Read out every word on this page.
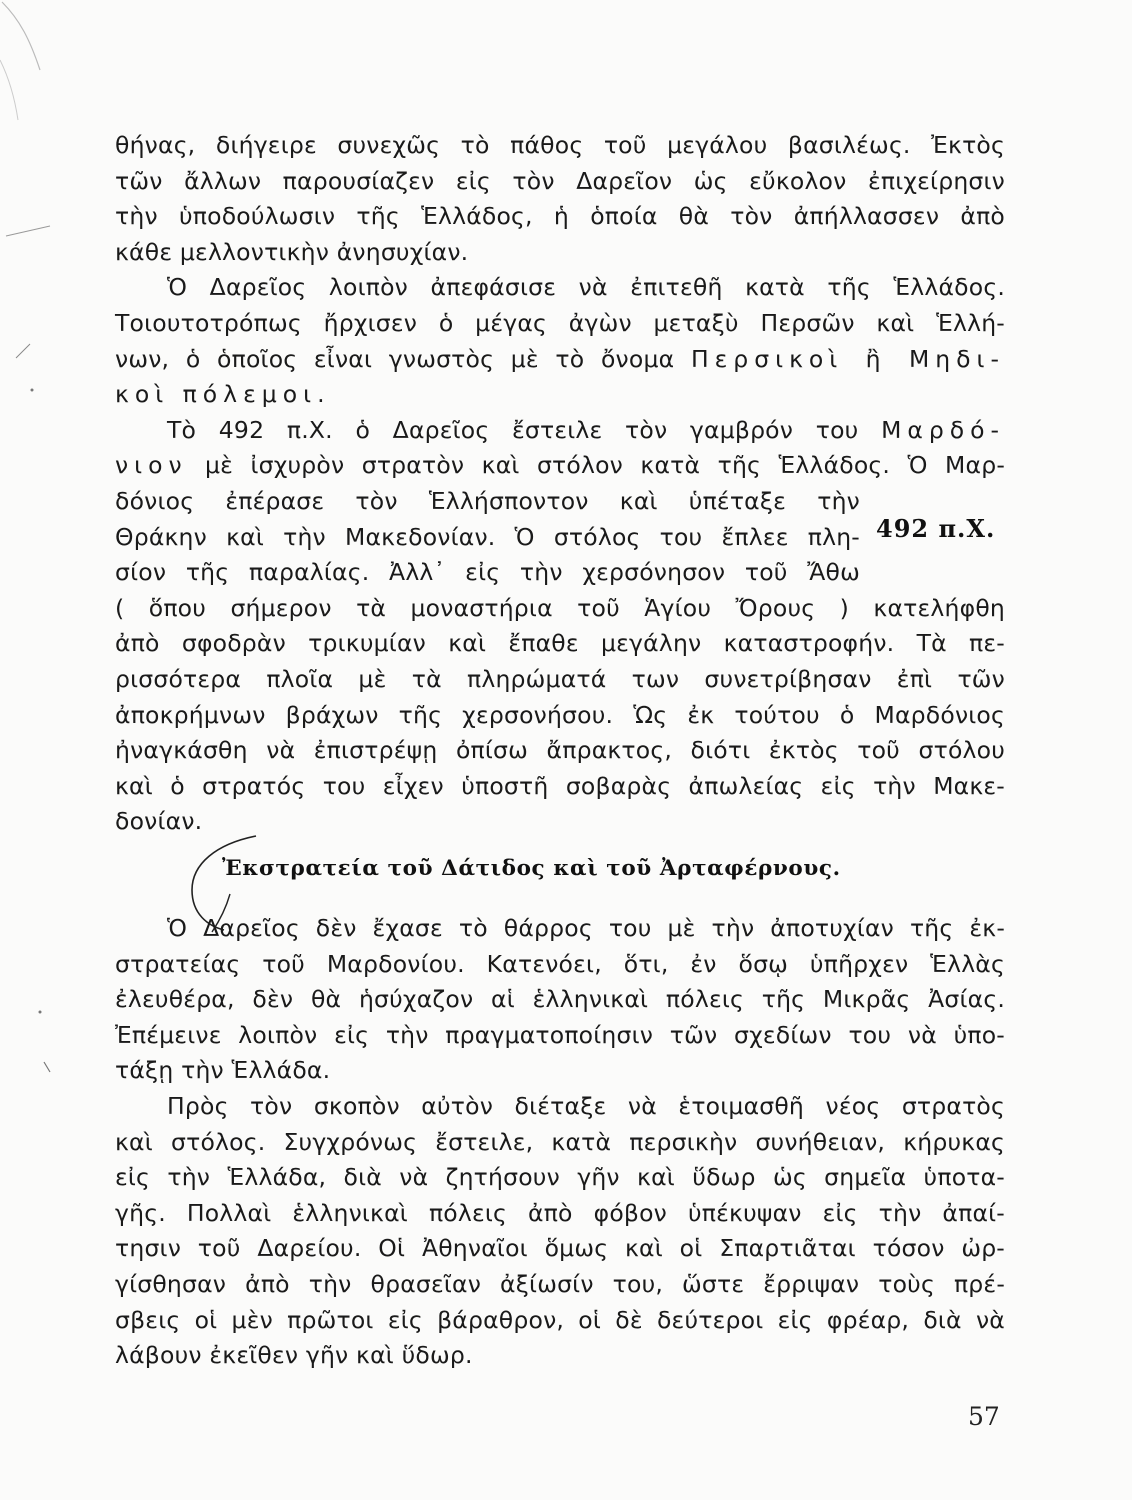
θήνας, διήγειρε συνεχῶς τὸ πάθος τοῦ μεγάλου βασιλέως. Ἐκτὸς
τῶν ἄλλων παρουσίαζεν εἰς τὸν Δαρεῖον ὡς εὔκολον ἐπιχείρησιν
τὴν ὑποδούλωσιν τῆς Ἑλλάδος, ἡ ὁποία θὰ τὸν ἀπήλλασσεν ἀπὸ
κάθε μελλοντικὴν ἀνησυχίαν.
Ὁ Δαρεῖος λοιπὸν ἀπεφάσισε νὰ ἐπιτεθῆ κατὰ τῆς Ἑλλάδος.
Τοιουτοτρόπως ἤρχισεν ὁ μέγας ἀγὼν μεταξὺ Περσῶν καὶ Ἑλλή-
νων, ὁ ὁποῖος εἶναι γνωστὸς μὲ τὸ ὄνομα Περσικοὶ ἢ Μηδι-
κοὶ πόλεμοι.
Τὸ 492 π.Χ. ὁ Δαρεῖος ἔστειλε τὸν γαμβρόν του Μαρδό-
νιον μὲ ἰσχυρὸν στρατὸν καὶ στόλον κατὰ τῆς Ἑλλάδος. Ὁ Μαρ-
δόνιος ἐπέρασε τὸν Ἑλλήσποντον καὶ ὑπέταξε τὴν
Θράκην καὶ τὴν Μακεδονίαν. Ὁ στόλος του ἔπλεε πλη-
σίον τῆς παραλίας. Ἀλλ᾿ εἰς τὴν χερσόνησον τοῦ Ἄθω
( ὅπου σήμερον τὰ μοναστήρια τοῦ Ἁγίου Ὄρους ) κατελήφθη
ἀπὸ σφοδρὰν τρικυμίαν καὶ ἔπαθε μεγάλην καταστροφήν. Τὰ πε-
ρισσότερα πλοῖα μὲ τὰ πληρώματά των συνετρίβησαν ἐπὶ τῶν
ἀποκρήμνων βράχων τῆς χερσονήσου. Ὡς ἐκ τούτου ὁ Μαρδόνιος
ἠναγκάσθη νὰ ἐπιστρέψῃ ὀπίσω ἄπρακτος, διότι ἐκτὸς τοῦ στόλου
καὶ ὁ στρατός του εἶχεν ὑποστῆ σοβαρὰς ἀπωλείας εἰς τὴν Μακε-
δονίαν.
492 π.Χ.
Ἐκστρατεία τοῦ Δάτιδος καὶ τοῦ Ἀρταφέρνους.
Ὁ Δαρεῖος δὲν ἔχασε τὸ θάρρος του μὲ τὴν ἀποτυχίαν τῆς ἐκ-
στρατείας τοῦ Μαρδονίου. Κατενόει, ὅτι, ἐν ὅσῳ ὑπῆρχεν Ἑλλὰς
ἐλευθέρα, δὲν θὰ ἡσύχαζον αἱ ἑλληνικαὶ πόλεις τῆς Μικρᾶς Ἀσίας.
Ἐπέμεινε λοιπὸν εἰς τὴν πραγματοποίησιν τῶν σχεδίων του νὰ ὑπο-
τάξῃ τὴν Ἑλλάδα.
Πρὸς τὸν σκοπὸν αὐτὸν διέταξε νὰ ἑτοιμασθῆ νέος στρατὸς
καὶ στόλος. Συγχρόνως ἔστειλε, κατὰ περσικὴν συνήθειαν, κήρυκας
εἰς τὴν Ἑλλάδα, διὰ νὰ ζητήσουν γῆν καὶ ὕδωρ ὡς σημεῖα ὑποτα-
γῆς. Πολλαὶ ἑλληνικαὶ πόλεις ἀπὸ φόβον ὑπέκυψαν εἰς τὴν ἀπαί-
τησιν τοῦ Δαρείου. Οἱ Ἀθηναῖοι ὅμως καὶ οἱ Σπαρτιᾶται τόσον ὠρ-
γίσθησαν ἀπὸ τὴν θρασεῖαν ἀξίωσίν του, ὥστε ἔρριψαν τοὺς πρέ-
σβεις οἱ μὲν πρῶτοι εἰς βάραθρον, οἱ δὲ δεύτεροι εἰς φρέαρ, διὰ νὰ
λάβουν ἐκεῖθεν γῆν καὶ ὕδωρ.
57
